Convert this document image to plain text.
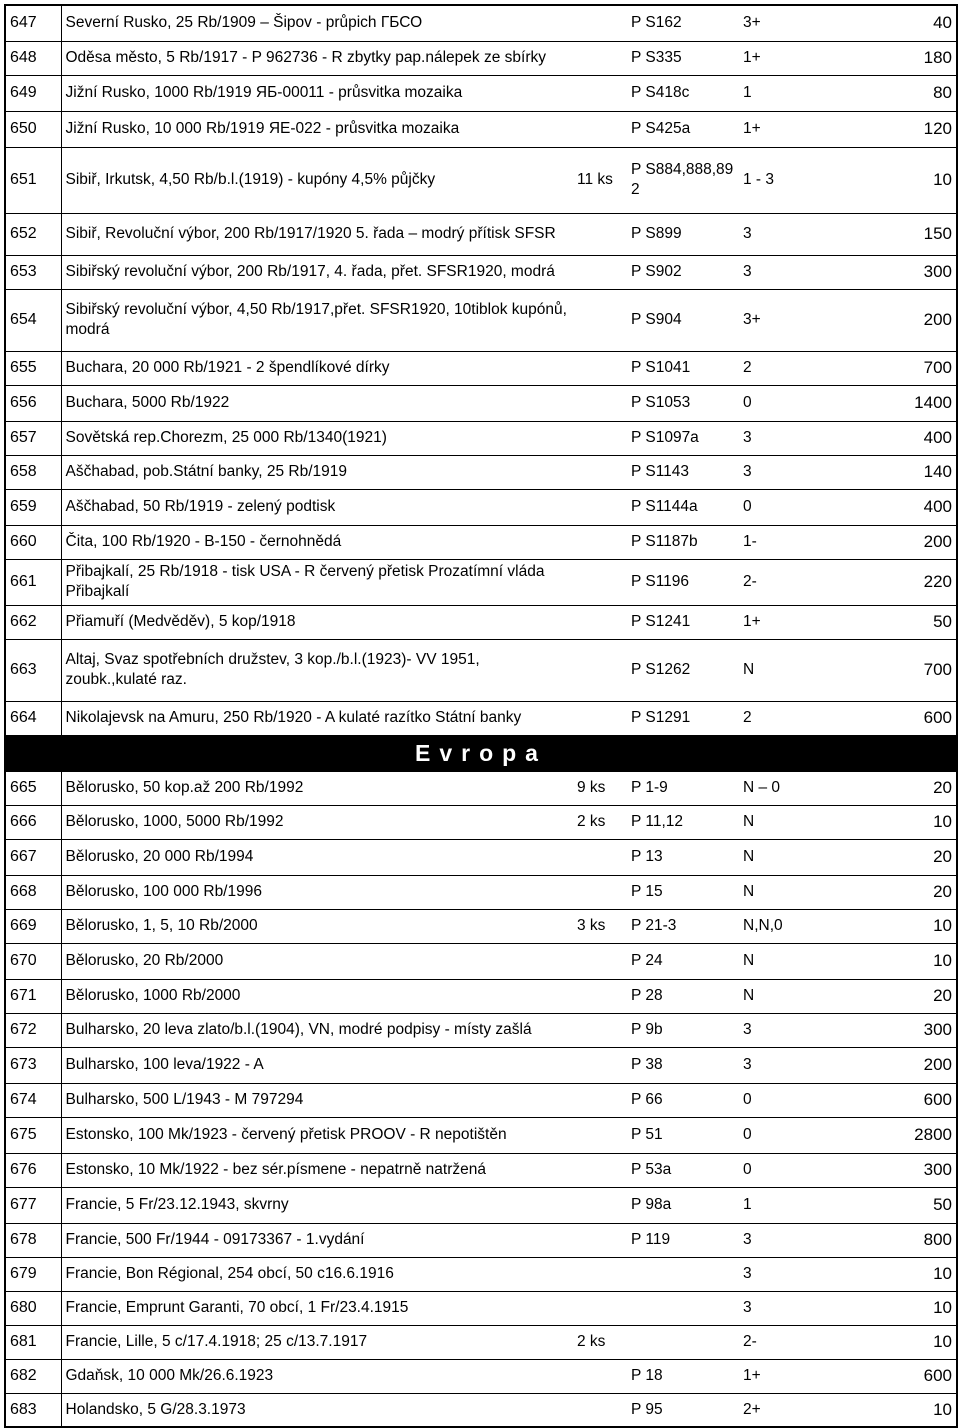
647	Severní Rusko, 25 Rb/1909 – Šipov - průpich ГБСО		P S162	3+	40
648	Oděsa město, 5 Rb/1917 - P 962736 - R zbytky pap.nálepek ze sbírky		P S335	1+	180
649	Jižní Rusko, 1000 Rb/1919 ЯБ-00011 - průsvitka mozaika		P S418c	1	80
650	Jižní Rusko, 10 000 Rb/1919 ЯЕ-022 - průsvitka mozaika		P S425a	1+	120
651	Sibiř, Irkutsk, 4,50 Rb/b.l.(1919) - kupóny 4,5% půjčky	11 ks	P S884,888,89 2	1 - 3	10
652	Sibiř, Revoluční výbor, 200 Rb/1917/1920 5. řada – modrý přítisk SFSR		P S899	3	150
653	Sibiřský revoluční výbor, 200 Rb/1917, 4. řada, přet. SFSR1920, modrá		P S902	3	300
654	Sibiřský revoluční výbor, 4,50 Rb/1917,přet. SFSR1920, 10tiblok kupónů, modrá		P S904	3+	200
655	Buchara, 20 000 Rb/1921 - 2 špendlíkové dírky		P S1041	2	700
656	Buchara, 5000 Rb/1922		P S1053	0	1400
657	Sovětská rep.Chorezm, 25 000 Rb/1340(1921)		P S1097a	3	400
658	Aščhabad, pob.Státní banky, 25 Rb/1919		P S1143	3	140
659	Aščhabad, 50 Rb/1919 - zelený podtisk		P S1144a	0	400
660	Čita, 100 Rb/1920 - B-150 - černohnědá		P S1187b	1-	200
661	Přibajkalí, 25 Rb/1918 - tisk USA - R červený přetisk Prozatímní vláda Přibajkalí		P S1196	2-	220
662	Přiamuří (Medvěděv), 5 kop/1918		P S1241	1+	50
663	Altaj, Svaz spotřebních družstev, 3 kop./b.l.(1923)- VV 1951, zoubk.,kulaté raz.		P S1262	N	700
664	Nikolajevsk na Amuru, 250 Rb/1920 - A kulaté razítko Státní banky		P S1291	2	600
Evropa					
665	Bělorusko, 50 kop.až 200 Rb/1992	9 ks	P 1-9	N – 0	20
666	Bělorusko, 1000, 5000 Rb/1992	2 ks	P 11,12	N	10
667	Bělorusko, 20 000 Rb/1994		P 13	N	20
668	Bělorusko, 100 000 Rb/1996		P 15	N	20
669	Bělorusko, 1, 5, 10 Rb/2000	3 ks	P 21-3	N,N,0	10
670	Bělorusko, 20 Rb/2000		P 24	N	10
671	Bělorusko, 1000 Rb/2000		P 28	N	20
672	Bulharsko, 20 leva zlato/b.l.(1904), VN, modré podpisy - místy zašlá		P 9b	3	300
673	Bulharsko, 100 leva/1922 - A		P 38	3	200
674	Bulharsko, 500 L/1943 - M 797294		P 66	0	600
675	Estonsko, 100 Mk/1923 - červený přetisk PROOV - R nepotištěn		P 51	0	2800
676	Estonsko, 10 Mk/1922 - bez sér.písmene - nepatrně natržená		P 53a	0	300
677	Francie, 5 Fr/23.12.1943, skvrny		P 98a	1	50
678	Francie, 500 Fr/1944 - 09173367 - 1.vydání		P 119	3	800
679	Francie, Bon Régional, 254 obcí, 50 c16.6.1916			3	10
680	Francie, Emprunt Garanti, 70 obcí, 1 Fr/23.4.1915			3	10
681	Francie, Lille, 5 c/17.4.1918; 25 c/13.7.1917	2 ks		2-	10
682	Gdaňsk, 10 000 Mk/26.6.1923		P 18	1+	600
683	Holandsko, 5 G/28.3.1973		P 95	2+	10
